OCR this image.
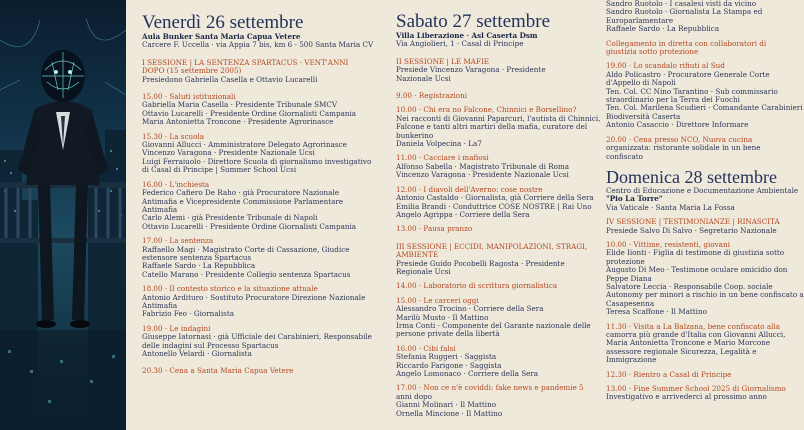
Venerdì 26 settembre
Aula Bunker Santa Maria Capua Vetere
Carcere F. Uccella · via Appia 7 bis, km 6 - 500 Santa Maria CV
I SESSIONE | LA SENTENZA SPARTACUS · VENT'ANNI
DOPO (15 settembre 2005)
Presiedono Gabriella Casella e Ottavio Lucarelli
15.00 · Saluti istituzionali
Gabriella Maria Casella · Presidente Tribunale SMCV
Ottavio Lucarelli · Presidente Ordine Giornalisti Campania
Maria Antonietta Troncone · Presidente Agrorinasce
15.30 · La scuola
Giovanni Allucci · Amministratore Delegato Agrorinasce
Vincenzo Varagona · Presidente Nazionale Ucsi
Luigi Ferraiuolo · Direttore Scuola di giornalismo investigativo
di Casal di Principe | Summer School Ucsi
16.00 · L'inchiesta
Federico Cafiero De Raho · già Procuratore Nazionale
Antimafia e Vicepresidente Commissione Parlamentare
Antimafia
Carlo Alemi · già Presidente Tribunale di Napoli
Ottavio Lucarelli · Presidente Ordine Giornalisti Campania
17.00 · La sentenza
Raffaello Magi · Magistrato Corte di Cassazione, Giudice
estensore sentenza Spartacus
Raffaele Sardo · La Repubblica
Catello Marano · Presidente Collegio sentenza Spartacus
18.00 · Il contesto storico e la situazione attuale
Antonio Ardituro · Sostituto Procuratore Direzione Nazionale
Antimafia
Fabrizio Feo · Giornalista
19.00 · Le indagini
Giuseppe Iatornasi · già Ufficiale dei Carabinieri, Responsabile
delle indagini sul Processo Spartacus
Antonello Velardi · Giornalista
20.30 · Cena a Santa Maria Capua Vetere
Sabato 27 settembre
Villa Liberazione · Asl Caserta Dsm
Via Angiolieri, 1 · Casal di Principe
II SESSIONE | LE MAFIE
Presiede Vincenzo Varagona · Presidente
Nazionale Ucsi
9.00 · Registrazioni
10.00 · Chi era no Falcone, Chinnici e Borsellino?
Nei racconti di Giovanni Paparcuri, l'autista di Chinnici,
Falcone e tanti altri martiri della mafia, curatore del
bunkerino
Daniela Volpecina · La7
11.00 · Cacciare i mafiosi
Alfonso Sabella · Magistrato Tribunale di Roma
Vincenzo Varagona · Presidente Nazionale Ucsi
12.00 · I diavoli dell'Averno: cose nostre
Antonio Castaldo · Giornalista, già Corriere della Sera
Emilia Brandi · Conduttrice COSE NOSTRE | Rai Uno
Angelo Agrippa · Corriere della Sera
13.00 · Pausa pranzo
III SESSIONE | ECCIDI, MANIPOLAZIONI, STRAGI,
AMBIENTE
Presiede Guido Pocobelli Ragosta · Presidente
Regionale Ucsi
14.00 · Laboratorio di scrittura giornalistica
15.00 · Le carceri oggi
Alessandro Trocino · Corriere della Sera
Marilù Musto · Il Mattino
Irma Conti · Componente del Garante nazionale delle
persone private della libertà
16.00 · Cibi falsi
Stefania Ruggeri · Saggista
Riccardo Farigone · Saggista
Angelo Lomonaco · Corriere della Sera
17.00 · Non ce n'è coviddi: fake news e pandemie 5
anni dopo
Gianni Molinari · Il Mattino
Ornella Mincione · Il Mattino
Sandro Ruotolo · I casalesi visti da vicino
Sandro Ruotolo · Giornalista La Stampa ed
Europarlamentare
Raffaele Sardo · La Repubblica
Collegamento in diretta con collaboratori di
giustizia sotto protezione
19.00 · Lo scandalo rifiuti al Sud
Aldo Policastro · Procuratore Generale Corte
d'Appello di Napoli
Ten. Col. CC Nino Tarantino · Sub commissario
straordinario per la Terra dei Fuochi
Ten. Col. Marilena Scudieri · Comandante Carabinieri
Biodiversità Caserta
Antonio Casaccio · Direttore Informare
20.00 · Cena presso NCO, Nuova cucina
organizzata: ristorante solidale in un bene
confiscato
Domenica 28 settembre
Centro di Educazione e Documentazione Ambientale
"Pio La Torre"
Via Vaticale · Santa Maria La Fossa
IV SESSIONE | TESTIMONIANZE | RINASCITA
Presiede Salvo Di Salvo · Segretario Nazionale
10.00 · Vittime, resistenti, giovani
Elide Iionti · Figlia di testimone di giustizia sotto
protezione
Augusto Di Meo · Testimone oculare omicidio don
Peppe Diana
Salvatore Leccia · Responsabile Coop. sociale
Autonomy per minori a rischio in un bene confiscato a
Casapesenna
Teresa Scaffone · Il Mattino
11.30 · Visita a La Balzana, bene confiscato alla
camorra più grande d'Italia con Giovanni Allucci,
Maria Antonietta Troncone e Mario Morcone
assessore regionale Sicurezza, Legalità e
Immigrazione
12.30 · Rientro a Casal di Principe
13.00 · Fine Summer School 2025 di Giornalismo
Investigativo e arrivederci al prossimo anno
